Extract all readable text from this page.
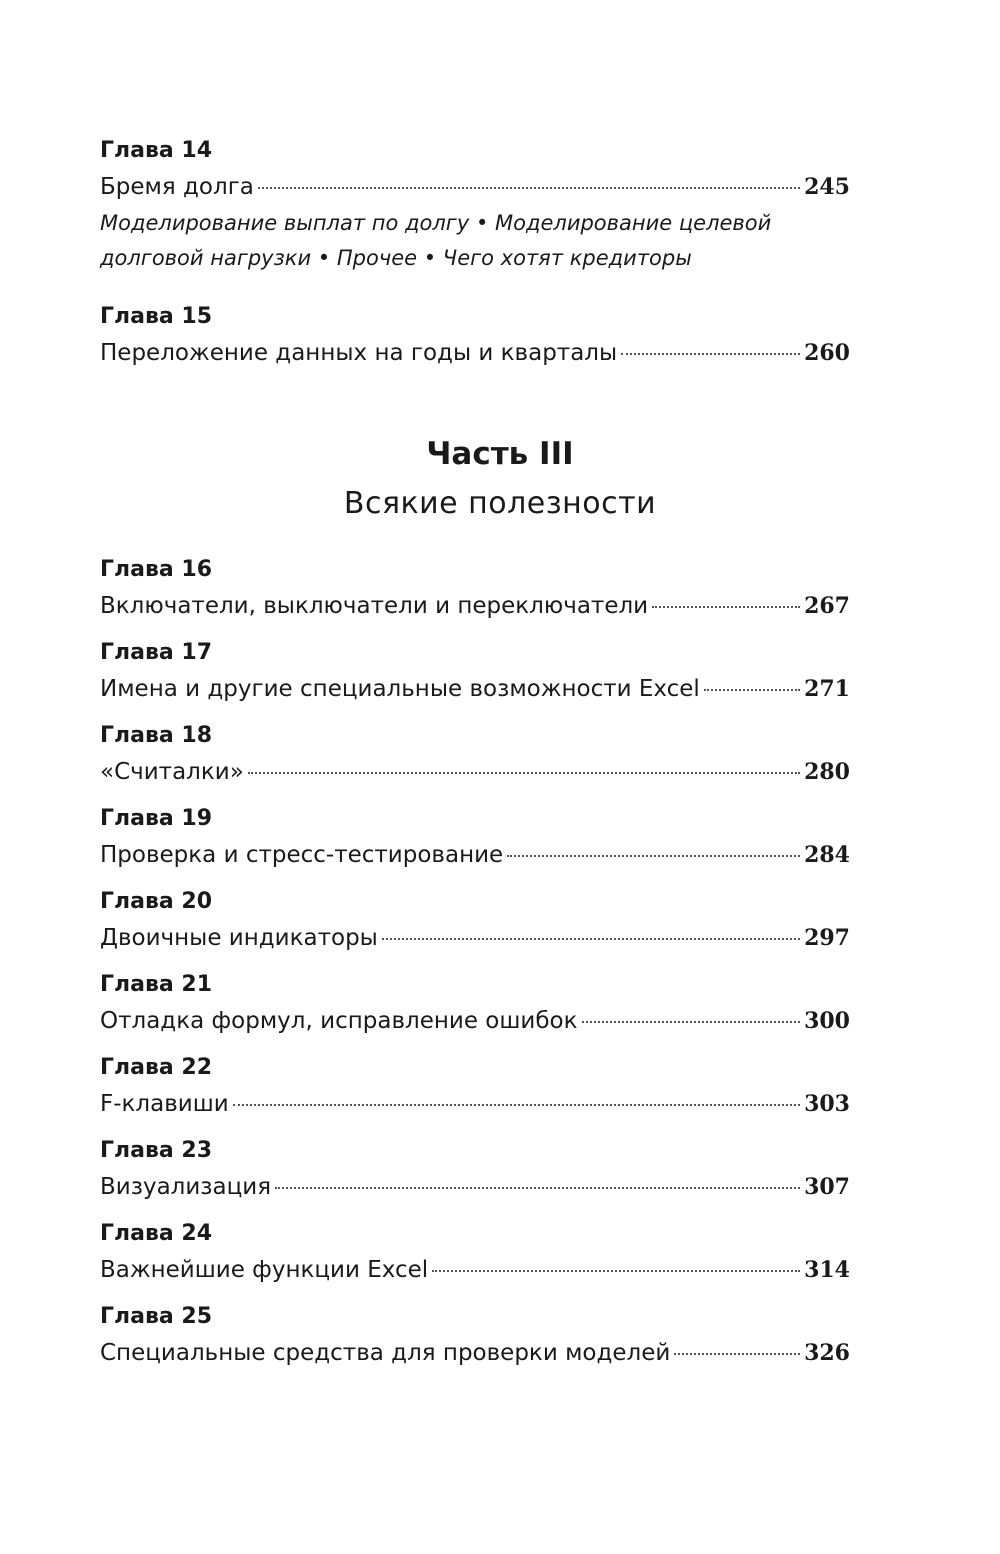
Глава 14
Бремя долга	245
Моделирование выплат по долгу • Моделирование целевой долговой нагрузки • Прочее • Чего хотят кредиторы
Глава 15
Переложение данных на годы и кварталы	260
Часть III
Всякие полезности
Глава 16
Включатели, выключатели и переключатели	267
Глава 17
Имена и другие специальные возможности Excel	271
Глава 18
«Считалки»	280
Глава 19
Проверка и стресс-тестирование	284
Глава 20
Двоичные индикаторы	297
Глава 21
Отладка формул, исправление ошибок	300
Глава 22
F-клавиши	303
Глава 23
Визуализация	307
Глава 24
Важнейшие функции Excel	314
Глава 25
Специальные средства для проверки моделей	326
